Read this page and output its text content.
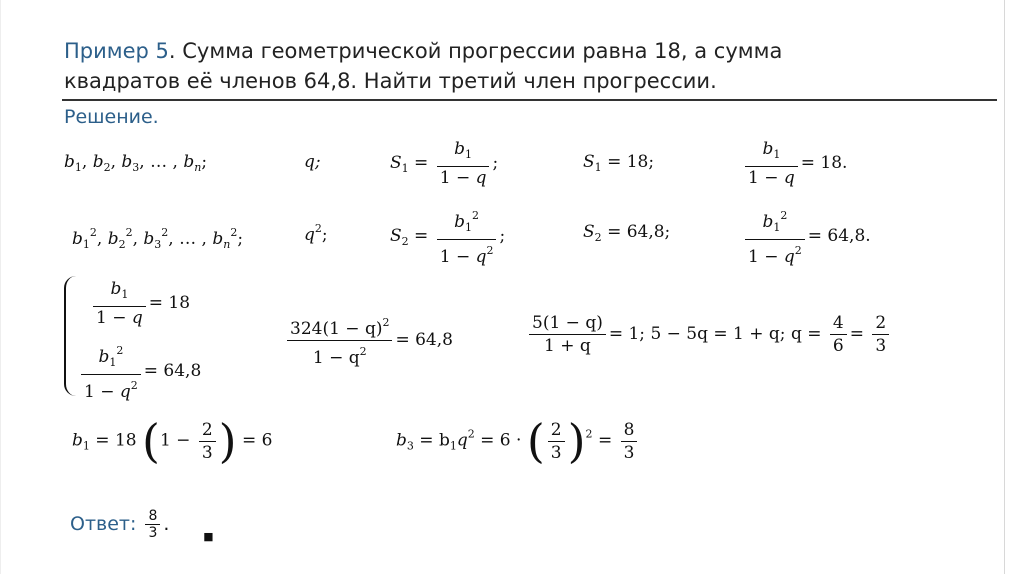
Пример 5. Сумма геометрической прогрессии равна 18, а сумма
квадратов её членов 64,8. Найти третий член прогрессии.
Решение.
$b_1$, $b_2$, $b_3$, … , $b_n$;	q;	$S_1 = \frac{b_1}{1 - q}$ ;	$S_1 = 18$;	$\frac{b_1}{1 - q} = 18$.
$b_1^2$, $b_2^2$, $b_3^2$, … , $b_n^2$;	$q^2$;	$S_2 = \frac{b_1^2}{1 - q^2}$ ;	$S_2 = 64,8$;	$\frac{b_1^2}{1 - q^2} = 64,8$.
$\frac{b_1}{1 - q} = 18$
$\frac{b_1^2}{1 - q^2} = 64,8$
$\frac{324(1 - q)^2}{1 - q^2} = 64,8$	$\frac{5(1 - q)}{1 + q} = 1$; 5 − 5q = 1 + q; $q = \frac{4}{6} = \frac{2}{3}$
$b_1 = 18$ ($1 - \frac{2}{3}$ ) = 6	$b_3 = b_1q^2 = 6$ · ( $\frac{2}{3} )^2 = \frac{8}{3}$
Ответ: $\frac{8}{3}$ .
◾
